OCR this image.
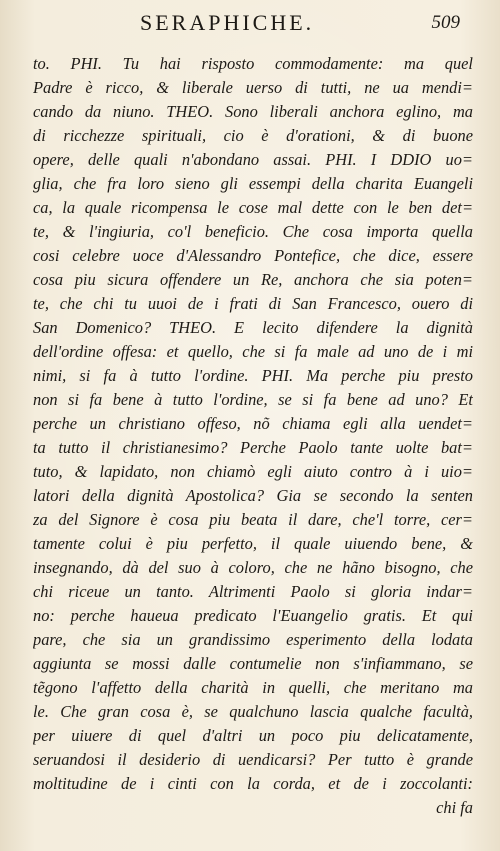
SERAPHICHE.	509
to. PHI. Tu hai risposto commodamente: ma quel
Padre è ricco, & liberale uerso di tutti, ne ua mendi=
cando da niuno. THEO. Sono liberali anchora eglino, ma
di ricchezze spirituali, cio è d'orationi, & di buone
opere, delle quali n'abondano assai. PHI. I DDIO uo=
glia, che fra loro sieno gli essempi della charita Euangeli
ca, la quale ricompensa le cose mal dette con le ben det=
te, & l'ingiuria, co'l beneficio. Che cosa importa quella
cosi celebre uoce d'Alessandro Pontefice, che dice, essere
cosa piu sicura offendere un Re, anchora che sia poten=
te, che chi tu uuoi de i frati di San Francesco, ouero di
San Domenico? THEO. E lecito difendere la dignità
dell'ordine offesa: et quello, che si fa male ad uno de i mi
nimi, si fa à tutto l'ordine. PHI. Ma perche piu presto
non si fa bene à tutto l'ordine, se si fa bene ad uno? Et
perche un christiano offeso, nõ chiama egli alla uendet=
ta tutto il christianesimo? Perche Paolo tante uolte bat=
tuto, & lapidato, non chiamò egli aiuto contro à i uio=
latori della dignità Apostolica? Gia se secondo la senten
za del Signore è cosa piu beata il dare, che'l torre, cer=
tamente colui è piu perfetto, il quale uiuendo bene, &
insegnando, dà del suo à coloro, che ne hãno bisogno, che
chi riceue un tanto. Altrimenti Paolo si gloria indar=
no: perche haueua predicato l'Euangelio gratis. Et qui
pare, che sia un grandissimo esperimento della lodata
aggiunta se mossi dalle contumelie non s'infiammano, se
tẽgono l'affetto della charità in quelli, che meritano ma
le. Che gran cosa è, se qualchuno lascia qualche facultà,
per uiuere di quel d'altri un poco piu delicatamente,
seruandosi il desiderio di uendicarsi? Per tutto è grande
moltitudine de i cinti con la corda, et de i zoccolanti:
chi fa
